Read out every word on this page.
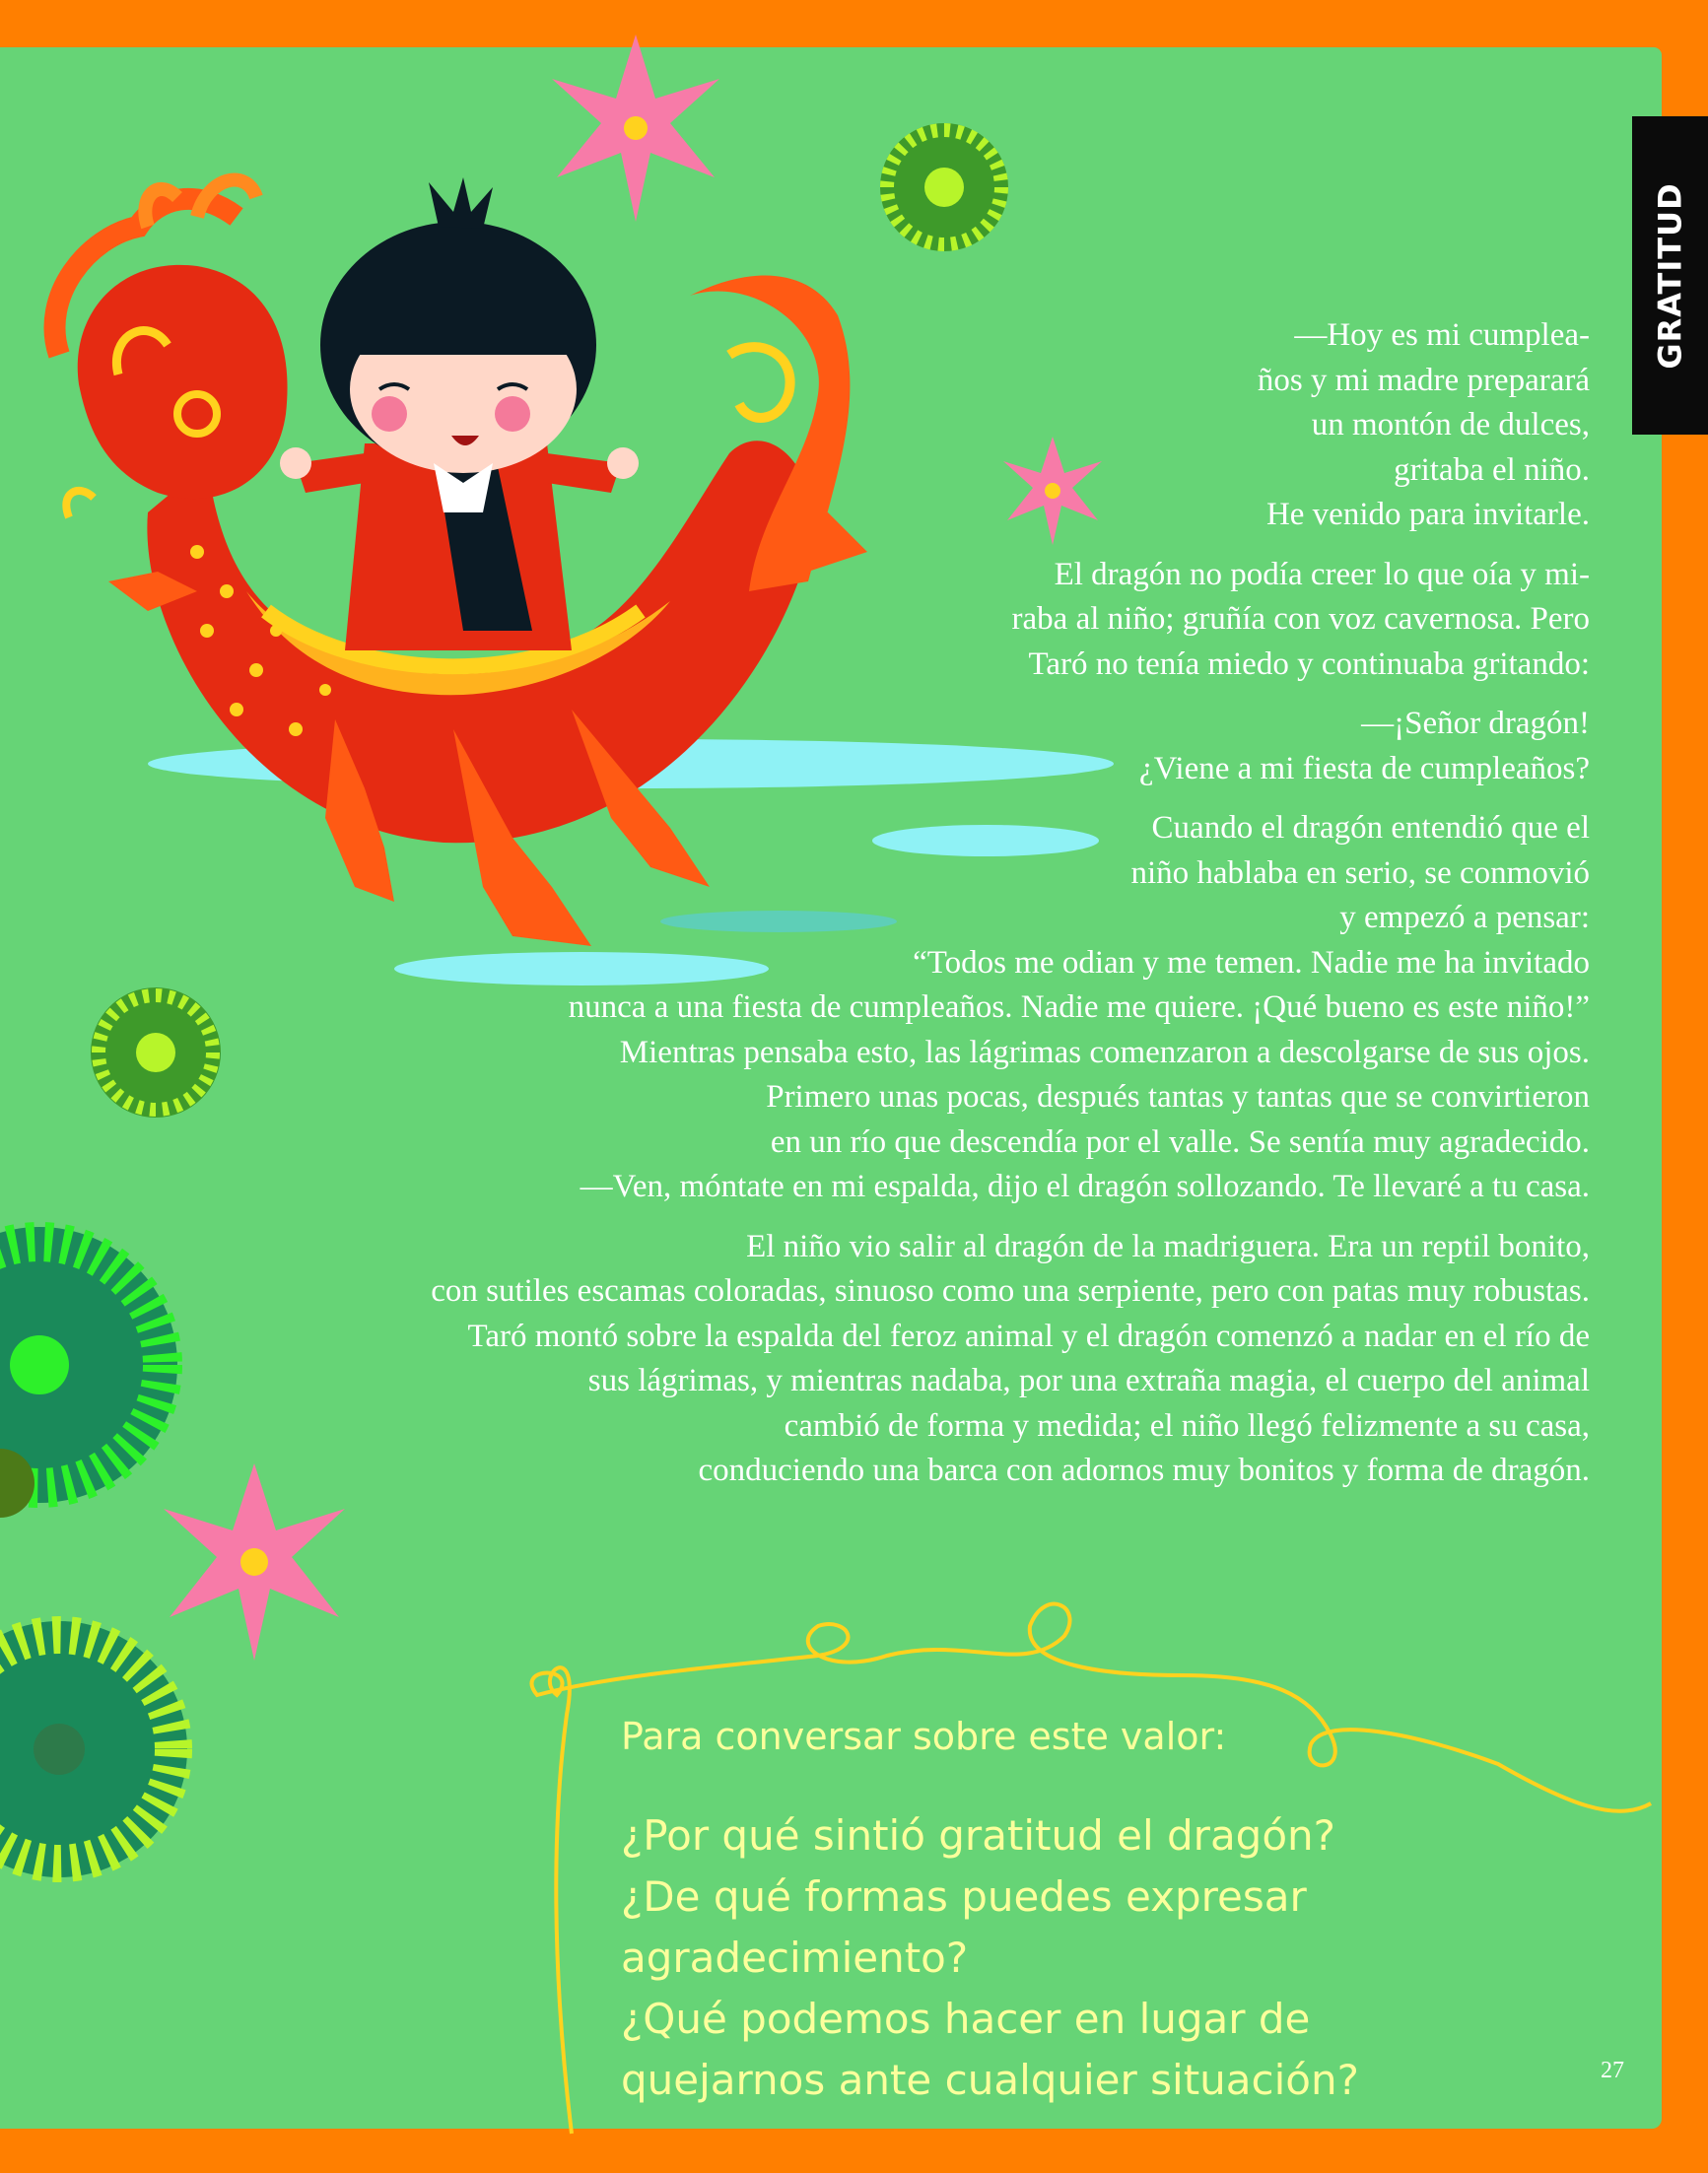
GRATITUD

—Hoy es mi cumplea-
ños y mi madre preparará
un montón de dulces,
gritaba el niño.
He venido para invitarle.

El dragón no podía creer lo que oía y mi-
raba al niño; gruñía con voz cavernosa. Pero
Taró no tenía miedo y continuaba gritando:

—¡Señor dragón!
¿Viene a mi fiesta de cumpleaños?

Cuando el dragón entendió que el
niño hablaba en serio, se conmovió
y empezó a pensar:

“Todos me odian y me temen. Nadie me ha invitado
nunca a una fiesta de cumpleaños. Nadie me quiere. ¡Qué bueno es este niño!”
Mientras pensaba esto, las lágrimas comenzaron a descolgarse de sus ojos.
Primero unas pocas, después tantas y tantas que se convirtieron
en un río que descendía por el valle. Se sentía muy agradecido.
—Ven, móntate en mi espalda, dijo el dragón sollozando. Te llevaré a tu casa.

El niño vio salir al dragón de la madriguera. Era un reptil bonito,
con sutiles escamas coloradas, sinuoso como una serpiente, pero con patas muy robustas.
Taró montó sobre la espalda del feroz animal y el dragón comenzó a nadar en el río de
sus lágrimas, y mientras nadaba, por una extraña magia, el cuerpo del animal
cambió de forma y medida; el niño llegó felizmente a su casa,
conduciendo una barca con adornos muy bonitos y forma de dragón.

Para conversar sobre este valor:

¿Por qué sintió gratitud el dragón?

¿De qué formas puedes expresar agradecimiento?

¿Qué podemos hacer en lugar de

quejarnos ante cualquier situación?	27
